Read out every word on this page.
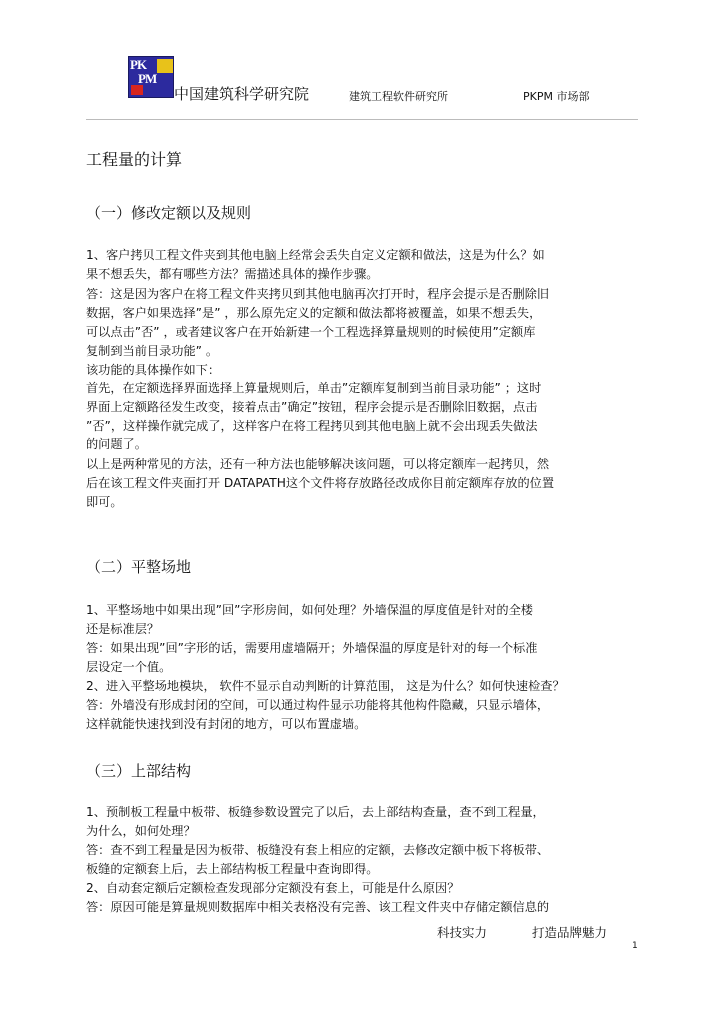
PK
PM
中国建筑科学研究院	建筑工程软件研究所	PKPM 市场部
工程量的计算
（一）修改定额以及规则
1、客户拷贝工程文件夹到其他电脑上经常会丢失自定义定额和做法，这是为什么？如
果不想丢失，都有哪些方法？需描述具体的操作步骤。
答：这是因为客户在将工程文件夹拷贝到其他电脑再次打开时，程序会提示是否删除旧
数据，客户如果选择”是” ，那么原先定义的定额和做法都将被覆盖，如果不想丢失，
可以点击”否” ，或者建议客户在开始新建一个工程选择算量规则的时候使用”定额库
复制到当前目录功能” 。
该功能的具体操作如下：
首先，在定额选择界面选择上算量规则后，单击”定额库复制到当前目录功能” ；这时
界面上定额路径发生改变，接着点击”确定”按钮，程序会提示是否删除旧数据，点击
”否”，这样操作就完成了，这样客户在将工程拷贝到其他电脑上就不会出现丢失做法
的问题了。
以上是两种常见的方法，还有一种方法也能够解决该问题，可以将定额库一起拷贝，然
后在该工程文件夹面打开 DATAPATH这个文件将存放路径改成你目前定额库存放的位置
即可。
（二）平整场地
1、平整场地中如果出现”回”字形房间，如何处理？外墙保温的厚度值是针对的全楼
还是标准层？
答：如果出现”回”字形的话，需要用虚墙隔开；外墙保温的厚度是针对的每一个标准
层设定一个值。
2、进入平整场地模块， 软件不显示自动判断的计算范围， 这是为什么？如何快速检查？
答：外墙没有形成封闭的空间，可以通过构件显示功能将其他构件隐藏，只显示墙体，
这样就能快速找到没有封闭的地方，可以布置虚墙。
（三）上部结构
1、预制板工程量中板带、板缝参数设置完了以后，去上部结构查量，查不到工程量，
为什么，如何处理？
答：查不到工程量是因为板带、板缝没有套上相应的定额，去修改定额中板下将板带、
板缝的定额套上后，去上部结构板工程量中查询即得。
2、自动套定额后定额检查发现部分定额没有套上，可能是什么原因？
答：原因可能是算量规则数据库中相关表格没有完善、该工程文件夹中存储定额信息的
科技实力	打造品牌魅力
1
